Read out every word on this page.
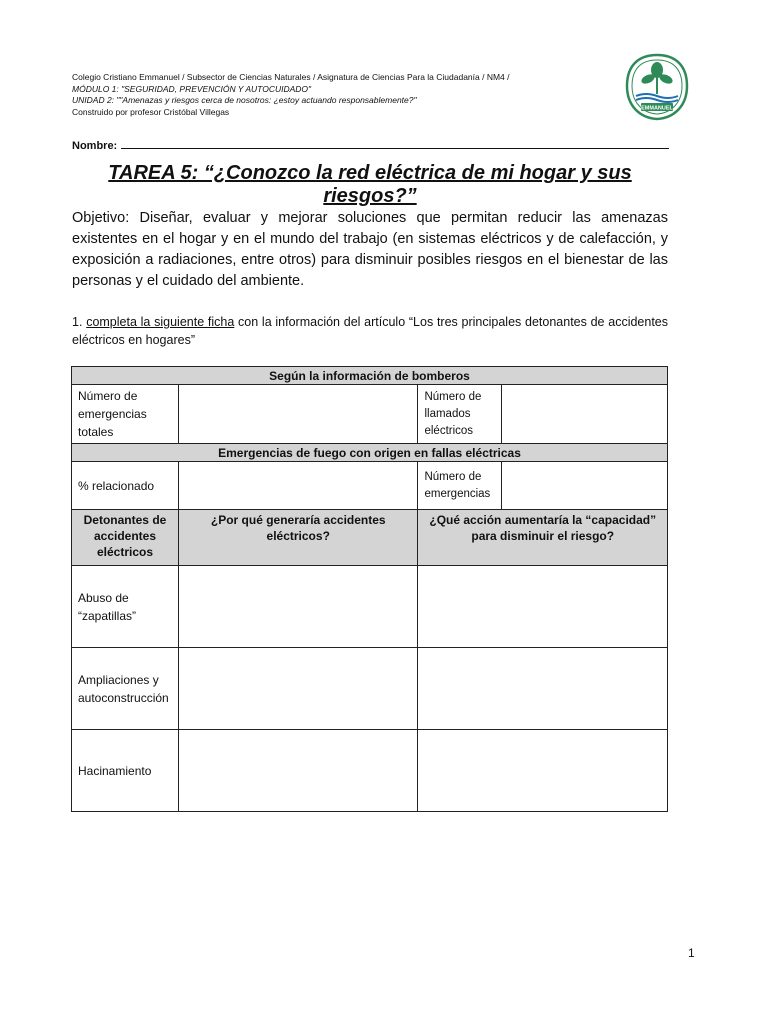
Colegio Cristiano Emmanuel / Subsector de Ciencias Naturales / Asignatura de Ciencias Para la Ciudadanía / NM4 /
MÓDULO 1: "SEGURIDAD, PREVENCIÓN Y AUTOCUIDADO"
UNIDAD 2: ""Amenazas y riesgos cerca de nosotros: ¿estoy actuando responsablemente?"
Construido por profesor Cristóbal Villegas	EMMANUEL
Nombre:
TAREA 5: “¿Conozco la red eléctrica de mi hogar y sus riesgos?”
Objetivo: Diseñar, evaluar y mejorar soluciones que permitan reducir las amenazas existentes en el hogar y en el mundo del trabajo (en sistemas eléctricos y de calefacción, y exposición a radiaciones, entre otros) para disminuir posibles riesgos en el bienestar de las personas y el cuidado del ambiente.
1. completa la siguiente ficha con la información del artículo “Los tres principales detonantes de accidentes eléctricos en hogares”
Según la información de bomberos			
Número de emergencias totales		Número de llamados eléctricos	
Emergencias de fuego con origen en fallas eléctricas			
% relacionado		Número de emergencias	
Detonantes de accidentes eléctricos	¿Por qué generaría accidentes eléctricos?	¿Qué acción aumentaría la “capacidad” para disminuir el riesgo?	
Abuso de “zapatillas”			
Ampliaciones y autoconstrucción			
Hacinamiento			
1
